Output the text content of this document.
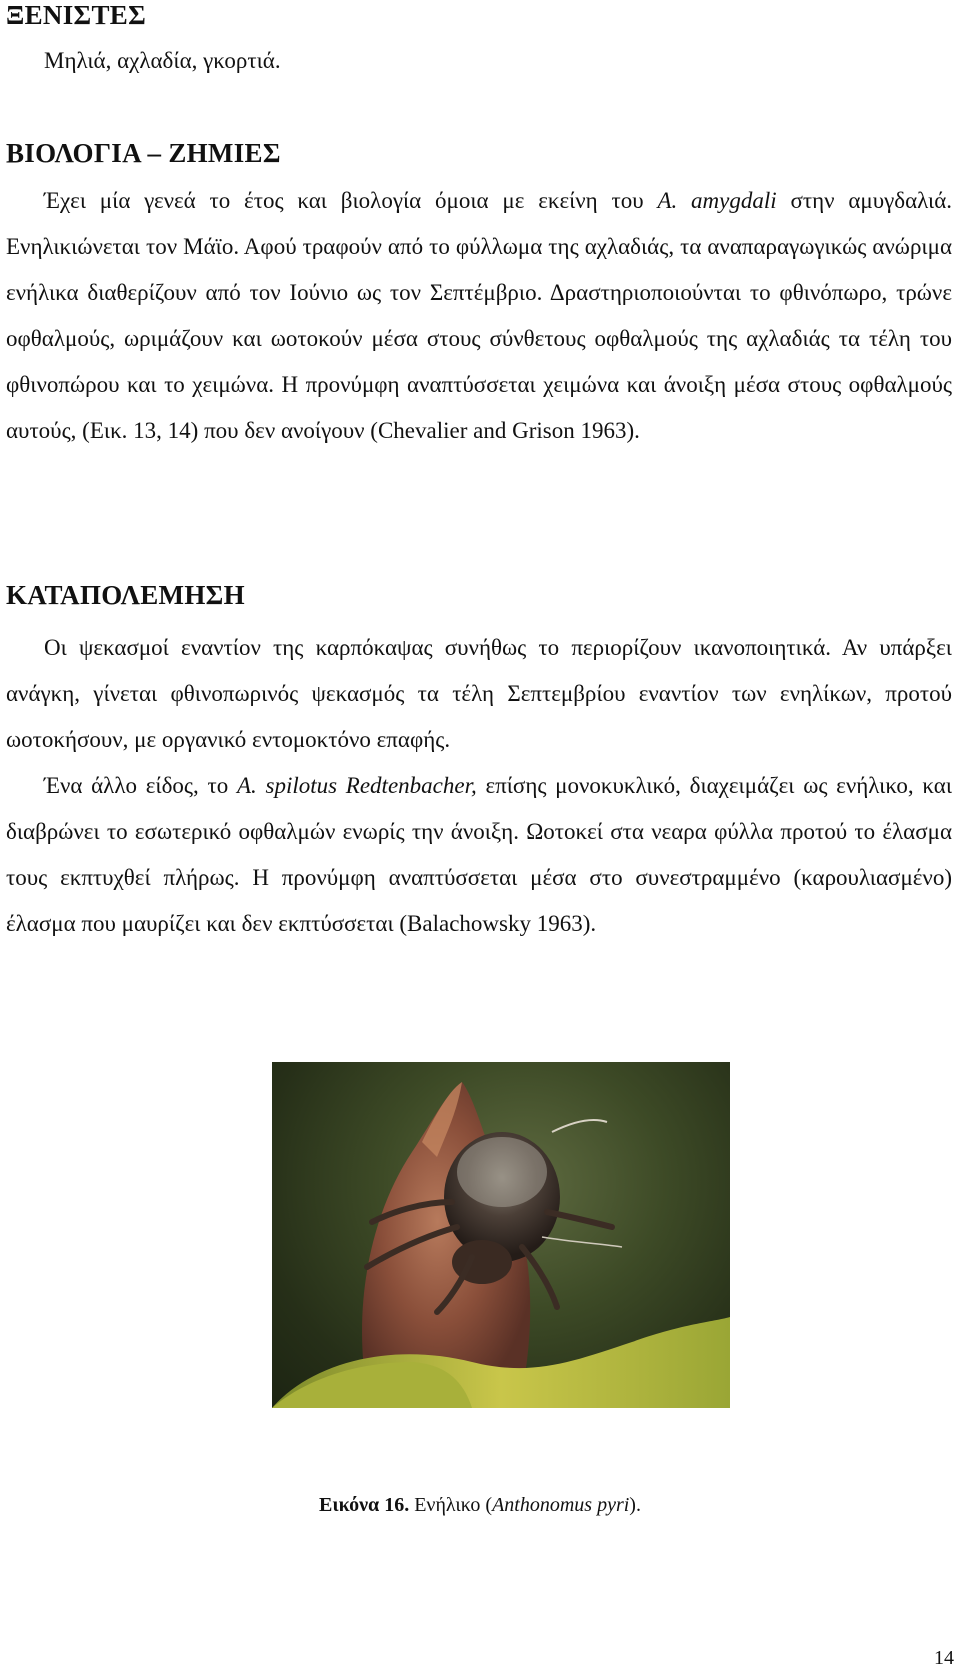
ΞΕΝΙΣΤΕΣ

Μηλιά, αχλαδία, γκορτιά.

ΒΙΟΛΟΓΙΑ – ΖΗΜΙΕΣ

Έχει μία γενεά το έτος και βιολογία όμοια με εκείνη του A. amygdali στην αμυγδαλιά. Ενηλικιώνεται τον Μάϊο. Αφού τραφούν από το φύλλωμα της αχλαδιάς, τα αναπαραγωγικώς ανώριμα ενήλικα διαθερίζουν από τον Ιούνιο ως τον Σεπτέμβριο. Δραστηριοποιούνται το φθινόπωρο, τρώνε οφθαλμούς, ωριμάζουν και ωοτοκούν μέσα στους σύνθετους οφθαλμούς της αχλαδιάς τα τέλη του φθινοπώρου και το χειμώνα. Η προνύμφη αναπτύσσεται χειμώνα και άνοιξη μέσα στους οφθαλμούς αυτούς, (Εικ. 13, 14) που δεν ανοίγουν (Chevalier and Grison 1963).

ΚΑΤΑΠΟΛΕΜΗΣΗ

Οι ψεκασμοί εναντίον της καρπόκαψας συνήθως το περιορίζουν ικανοποιητικά. Αν υπάρξει ανάγκη, γίνεται φθινοπωρινός ψεκασμός τα τέλη Σεπτεμβρίου εναντίον των ενηλίκων, προτού ωοτοκήσουν, με οργανικό εντομοκτόνο επαφής.

Ένα άλλο είδος, το A. spilotus Redtenbacher, επίσης μονοκυκλικό, διαχειμάζει ως ενήλικο, και διαβρώνει το εσωτερικό οφθαλμών ενωρίς την άνοιξη. Ωοτοκεί στα νεαρα φύλλα προτού το έλασμα τους εκπτυχθεί πλήρως. Η προνύμφη αναπτύσσεται μέσα στο συνεστραμμένο (καρουλιασμένο) έλασμα που μαυρίζει και δεν εκπτύσσεται (Balachowsky 1963).

Εικόνα 16. Ενήλικο (Anthonomus pyri).

14
